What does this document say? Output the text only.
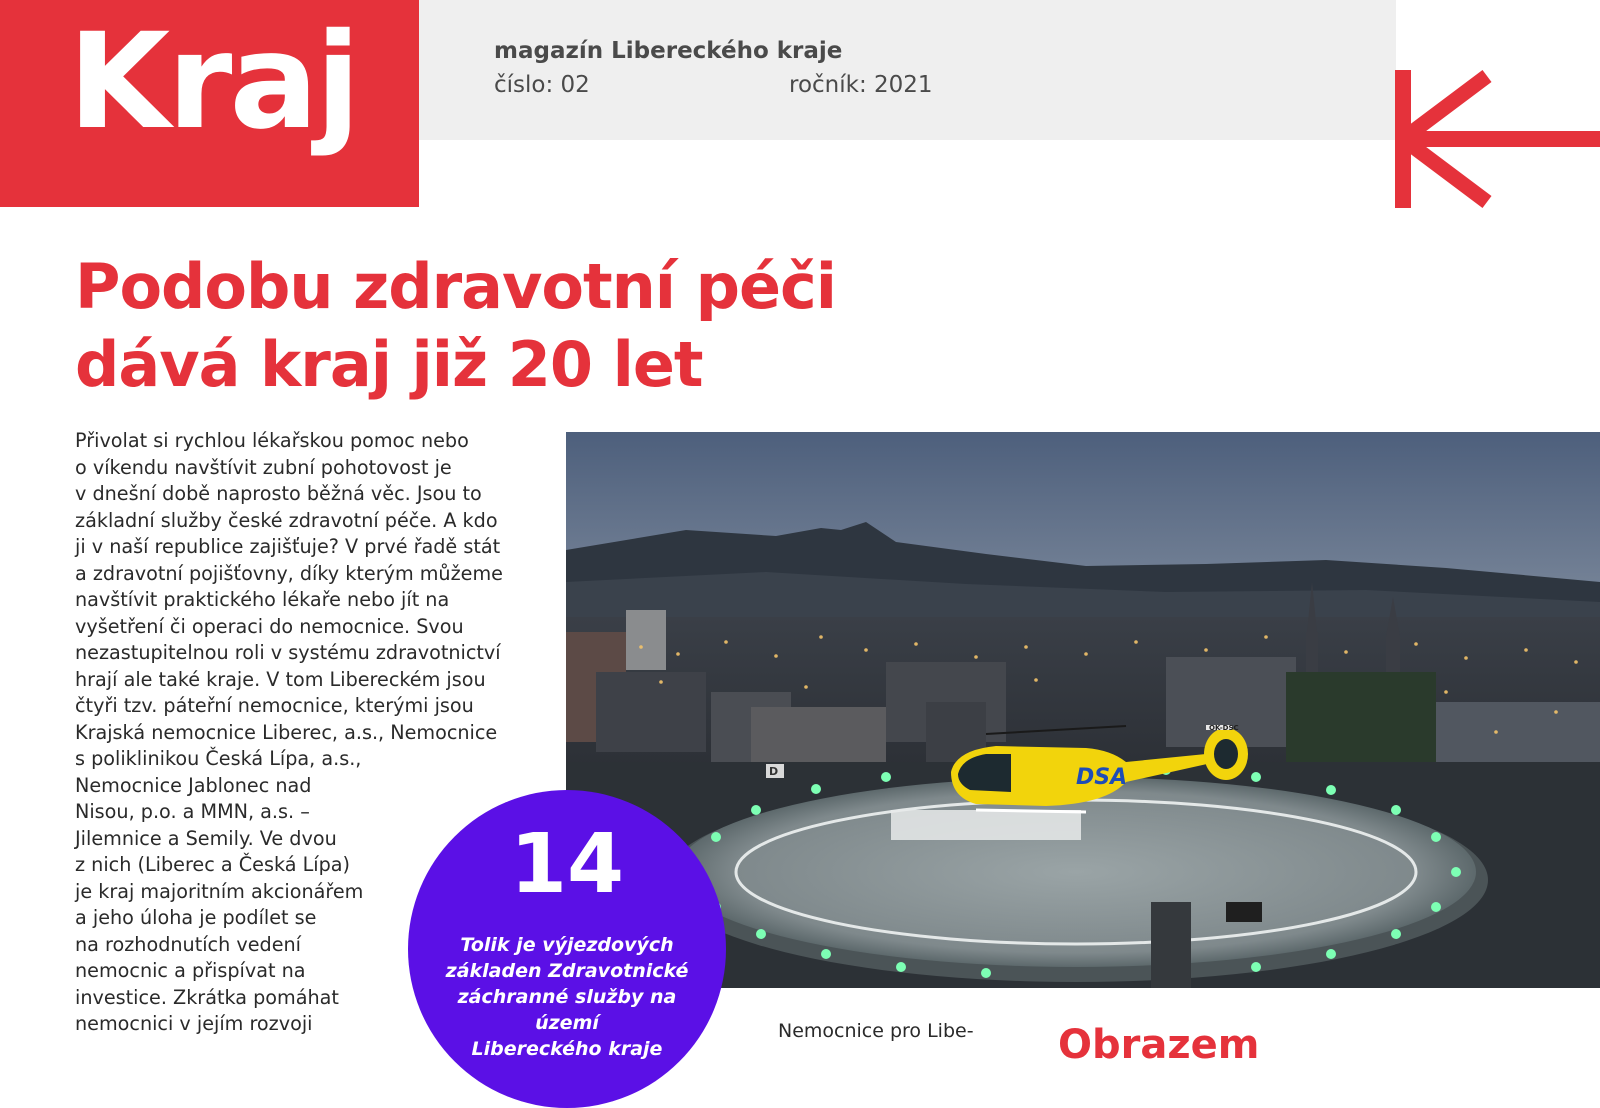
Kraj	magazín Libereckého kraje
číslo: 02	ročník: 2021
Podobu zdravotní péči
dává kraj již 20 let
Přivolat si rychlou lékařskou pomoc nebo
o víkendu navštívit zubní pohotovost je
v dnešní době naprosto běžná věc. Jsou to
základní služby české zdravotní péče. A kdo
ji v naší republice zajišťuje? V prvé řadě stát
a zdravotní pojišťovny, díky kterým můžeme
navštívit praktického lékaře nebo jít na
vyšetření či operaci do nemocnice. Svou
nezastupitelnou roli v systému zdravotnictví
hrají ale také kraje. V tom Libereckém jsou
čtyři tzv. páteřní nemocnice, kterými jsou
Krajská nemocnice Liberec, a.s., Nemocnice
s poliklinikou Česká Lípa, a.s.,
Nemocnice Jablonec nad
Nisou, p.o. a MMN, a.s. –
Jilemnice a Semily. Ve dvou
z nich (Liberec a Česká Lípa)
je kraj majoritním akcionářem
a jeho úloha je podílet se
na rozhodnutích vedení
nemocnic a přispívat na
investice. Zkrátka pomáhat
nemocnici v jejím rozvoji
D
OK-DSC
DSA
14
Tolik je výjezdových
základen Zdravotnické
záchranné služby na území
Libereckého kraje
Nemocnice pro Libe- Obrazem
